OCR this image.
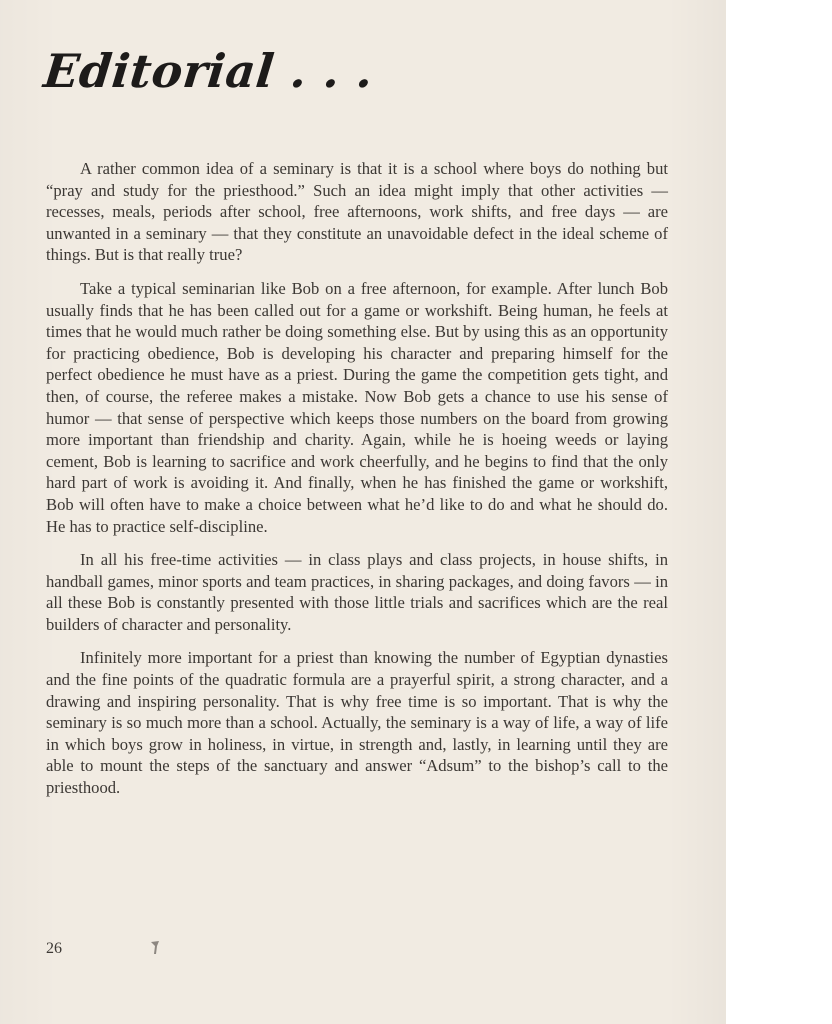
Editorial . . .

A rather common idea of a seminary is that it is a school where boys do nothing but “pray and study for the priesthood.” Such an idea might imply that other activities — recesses, meals, periods after school, free afternoons, work shifts, and free days — are unwanted in a seminary — that they constitute an unavoidable defect in the ideal scheme of things. But is that really true?

Take a typical seminarian like Bob on a free afternoon, for example. After lunch Bob usually finds that he has been called out for a game or workshift. Being human, he feels at times that he would much rather be doing something else. But by using this as an opportunity for practicing obedience, Bob is developing his character and preparing himself for the perfect obedience he must have as a priest. During the game the competition gets tight, and then, of course, the referee makes a mistake. Now Bob gets a chance to use his sense of humor — that sense of perspective which keeps those numbers on the board from growing more important than friendship and charity. Again, while he is hoeing weeds or laying cement, Bob is learning to sacrifice and work cheerfully, and he begins to find that the only hard part of work is avoiding it. And finally, when he has finished the game or workshift, Bob will often have to make a choice between what he’d like to do and what he should do. He has to practice self-discipline.

In all his free-time activities — in class plays and class projects, in house shifts, in handball games, minor sports and team practices, in sharing packages, and doing favors — in all these Bob is constantly presented with those little trials and sacrifices which are the real builders of character and personality.

Infinitely more important for a priest than knowing the number of Egyptian dynasties and the fine points of the quadratic formula are a prayerful spirit, a strong character, and a drawing and inspiring personality. That is why free time is so important. That is why the seminary is so much more than a school. Actually, the seminary is a way of life, a way of life in which boys grow in holiness, in virtue, in strength and, lastly, in learning until they are able to mount the steps of the sanctuary and answer “Adsum” to the bishop’s call to the priesthood.

26
